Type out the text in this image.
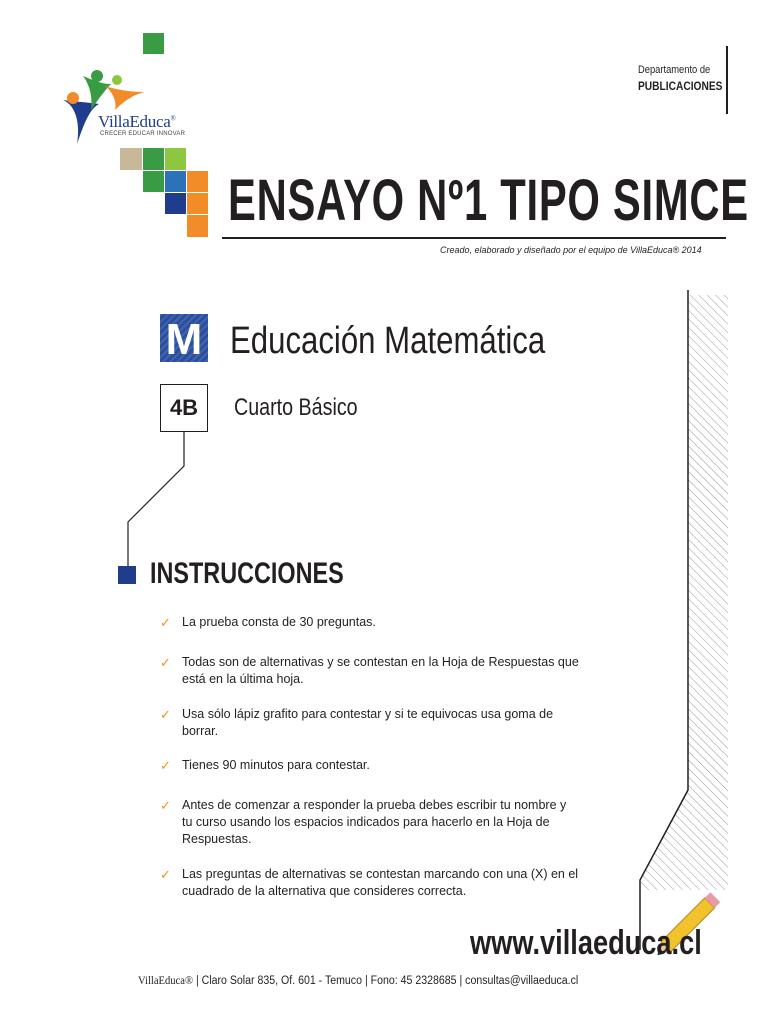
VillaEduca®
CRECER EDUCAR INNOVAR
Departamento de
PUBLICACIONES
ENSAYO Nº1 TIPO SIMCE
Creado, elaborado y diseñado por el equipo de VillaEduca® 2014
M Educación Matemática
4B	Cuarto Básico
INSTRUCCIONES
✓ La prueba consta de 30 preguntas.
✓ Todas son de alternativas y se contestan en la Hoja de Respuestas que está en la última hoja.
✓ Usa sólo lápiz grafito para contestar y si te equivocas usa goma de borrar.
✓ Tienes 90 minutos para contestar.
✓ Antes de comenzar a responder la prueba debes escribir tu nombre y tu curso usando los espacios indicados para hacerlo en la Hoja de Respuestas.
✓ Las preguntas de alternativas se contestan marcando con una (X) en el cuadrado de la alternativa que consideres correcta.
www.villaeduca.cl
VillaEduca® | Claro Solar 835, Of. 601 - Temuco | Fono: 45 2328685 | consultas@villaeduca.cl
